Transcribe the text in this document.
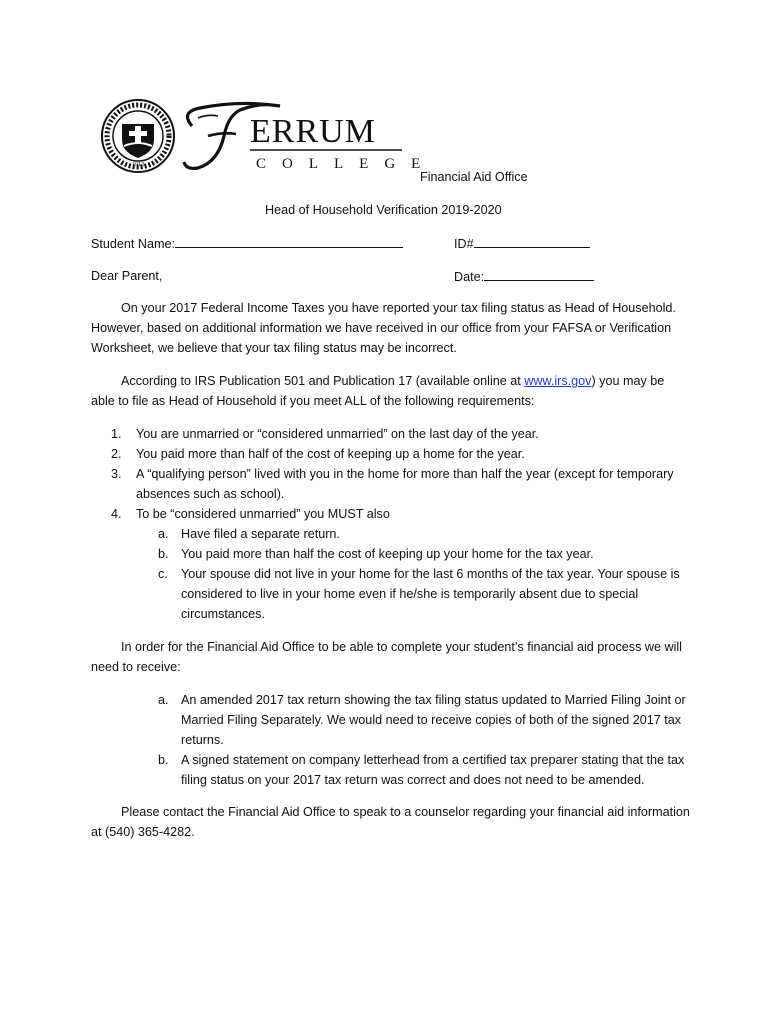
1913
ERRUM
COLLEGE
Financial Aid Office
Head of Household Verification 2019-2020
Student Name:	ID#
Dear Parent,	Date:

On your 2017 Federal Income Taxes you have reported your tax filing status as Head of Household. However, based on additional information we have received in our office from your FAFSA or Verification Worksheet, we believe that your tax filing status may be incorrect.

According to IRS Publication 501 and Publication 17 (available online at www.irs.gov) you may be able to file as Head of Household if you meet ALL of the following requirements:

1. You are unmarried or “considered unmarried” on the last day of the year.
2. You paid more than half of the cost of keeping up a home for the year.
3. A “qualifying person” lived with you in the home for more than half the year (except for temporary absences such as school).
4. To be “considered unmarried” you MUST also
a. Have filed a separate return.
b. You paid more than half the cost of keeping up your home for the tax year.
c. Your spouse did not live in your home for the last 6 months of the tax year. Your spouse is considered to live in your home even if he/she is temporarily absent due to special circumstances.

In order for the Financial Aid Office to be able to complete your student’s financial aid process we will need to receive:

a. An amended 2017 tax return showing the tax filing status updated to Married Filing Joint or Married Filing Separately. We would need to receive copies of both of the signed 2017 tax returns.
b. A signed statement on company letterhead from a certified tax preparer stating that the tax filing status on your 2017 tax return was correct and does not need to be amended.

Please contact the Financial Aid Office to speak to a counselor regarding your financial aid information at (540) 365-4282.
